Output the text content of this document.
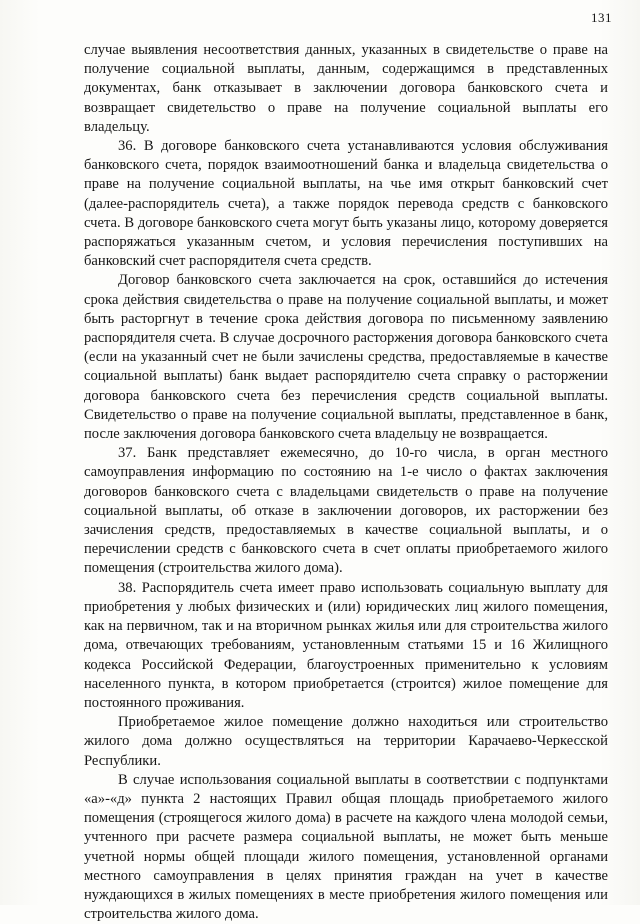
131

случае выявления несоответствия данных, указанных в свидетельстве о праве на получение социальной выплаты, данным, содержащимся в представленных документах, банк отказывает в заключении договора банковского счета и возвращает свидетельство о праве на получение социальной выплаты его владельцу.

36. В договоре банковского счета устанавливаются условия обслуживания банковского счета, порядок взаимоотношений банка и владельца свидетельства о праве на получение социальной выплаты, на чье имя открыт банковский счет (далее-распорядитель счета), а также порядок перевода средств с банковского счета. В договоре банковского счета могут быть указаны лицо, которому доверяется распоряжаться указанным счетом, и условия перечисления поступивших на банковский счет распорядителя счета средств.

Договор банковского счета заключается на срок, оставшийся до истечения срока действия свидетельства о праве на получение социальной выплаты, и может быть расторгнут в течение срока действия договора по письменному заявлению распорядителя счета. В случае досрочного расторжения договора банковского счета (если на указанный счет не были зачислены средства, предоставляемые в качестве социальной выплаты) банк выдает распорядителю счета справку о расторжении договора банковского счета без перечисления средств социальной выплаты. Свидетельство о праве на получение социальной выплаты, представленное в банк, после заключения договора банковского счета владельцу не возвращается.

37. Банк представляет ежемесячно, до 10-го числа, в орган местного самоуправления информацию по состоянию на 1-е число о фактах заключения договоров банковского счета с владельцами свидетельств о праве на получение социальной выплаты, об отказе в заключении договоров, их расторжении без зачисления средств, предоставляемых в качестве социальной выплаты, и о перечислении средств с банковского счета в счет оплаты приобретаемого жилого помещения (строительства жилого дома).

38. Распорядитель счета имеет право использовать социальную выплату для приобретения у любых физических и (или) юридических лиц жилого помещения, как на первичном, так и на вторичном рынках жилья или для строительства жилого дома, отвечающих требованиям, установленным статьями 15 и 16 Жилищного кодекса Российской Федерации, благоустроенных применительно к условиям населенного пункта, в котором приобретается (строится) жилое помещение для постоянного проживания.

Приобретаемое жилое помещение должно находиться или строительство жилого дома должно осуществляться на территории Карачаево-Черкесской Республики.

В случае использования социальной выплаты в соответствии с подпунктами «а»-«д» пункта 2 настоящих Правил общая площадь приобретаемого жилого помещения (строящегося жилого дома) в расчете на каждого члена молодой семьи, учтенного при расчете размера социальной выплаты, не может быть меньше учетной нормы общей площади жилого помещения, установленной органами местного самоуправления в целях принятия граждан на учет в качестве нуждающихся в жилых помещениях в месте приобретения жилого помещения или строительства жилого дома.
